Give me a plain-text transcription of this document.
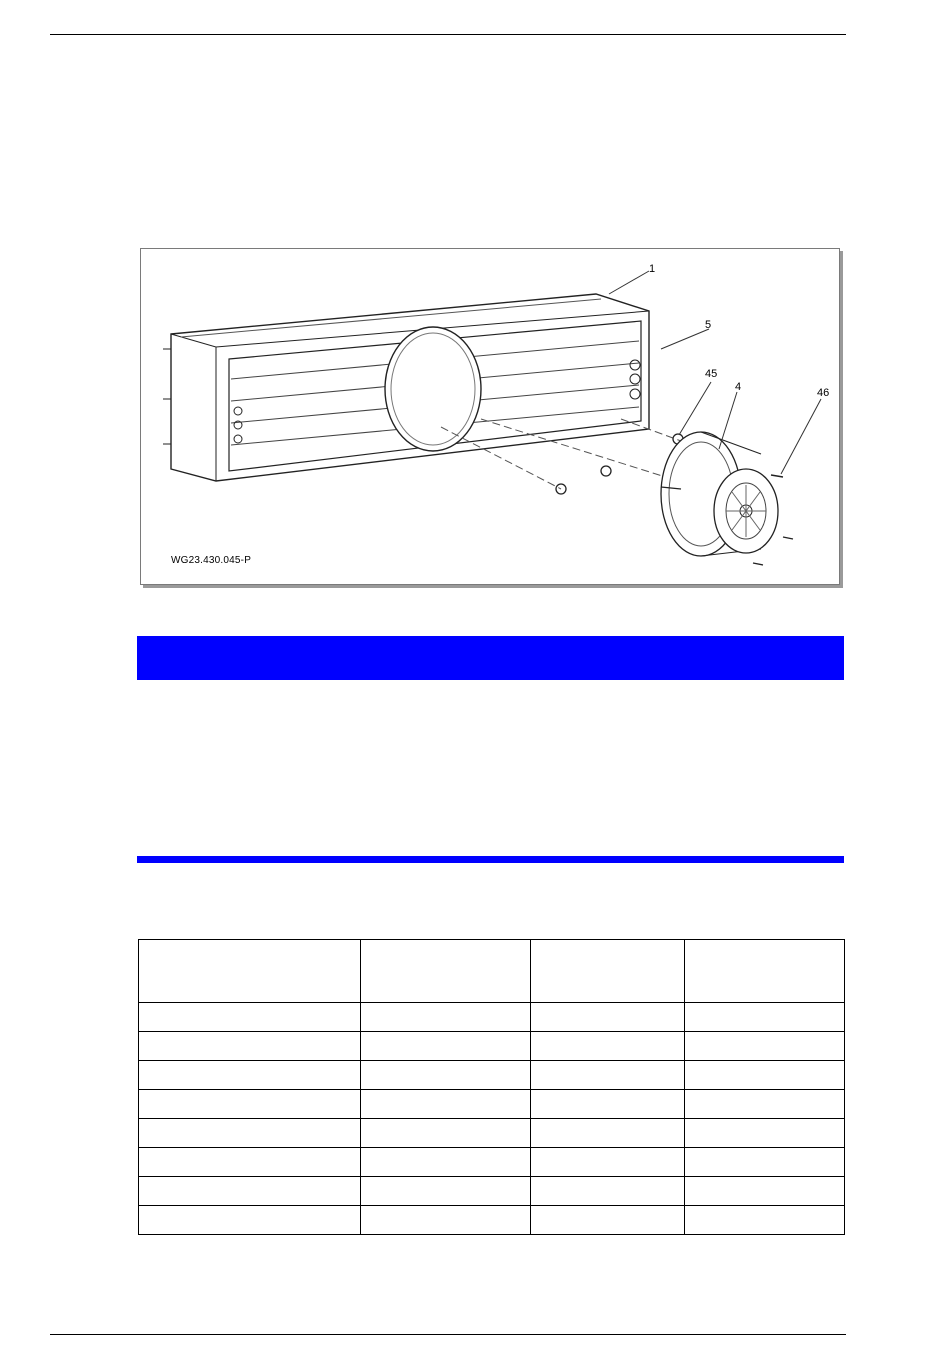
1
5
45
4	46
WG23.430.045-P
